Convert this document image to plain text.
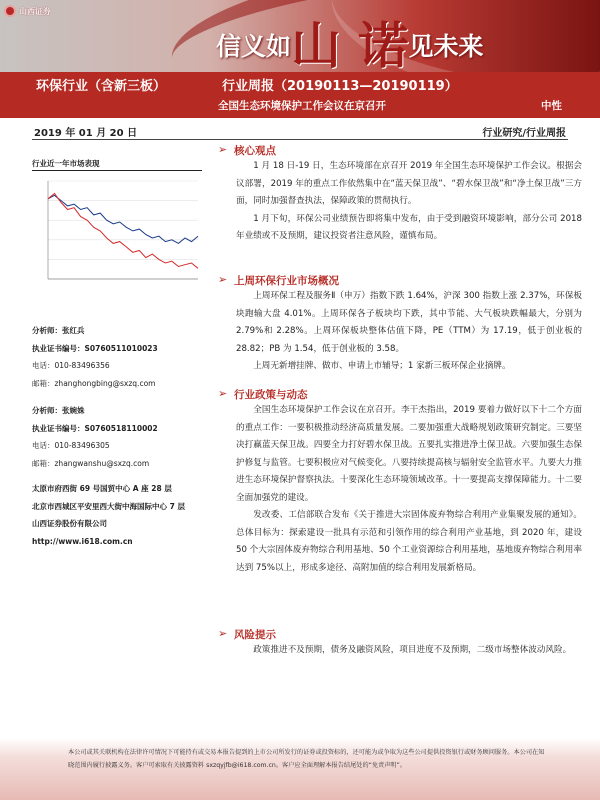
山西证券
信义如山 诺见未来
环保行业（含新三板）	行业周报（20190113—20190119）
全国生态环境保护工作会议在京召开	中性
2019 年 01 月 20 日	行业研究/行业周报
行业近一年市场表现
分析师：张红兵
执业证书编号：S0760511010023
电话：010-83496356
邮箱：zhanghongbing@sxzq.com
分析师：张婉姝
执业证书编号：S0760518110002
电话：010-83496305
邮箱：zhangwanshu@sxzq.com
太原市府西街 69 号国贸中心 A 座 28 层
北京市西城区平安里西大街中海国际中心 7 层
山西证券股份有限公司
http://www.i618.com.cn
➢ 核心观点

1 月 18 日-19 日，生态环境部在京召开 2019 年全国生态环境保护工作会议。根据会议部署，2019 年的重点工作依然集中在“蓝天保卫战”、“碧水保卫战”和“净土保卫战”三方面，同时加强督查执法，保障政策的贯彻执行。

1 月下旬，环保公司业绩预告即将集中发布，由于受到融资环境影响，部分公司 2018 年业绩或不及预期，建议投资者注意风险，谨慎布局。

➢ 上周环保行业市场概况

上周环保工程及服务Ⅱ（申万）指数下跌 1.64%，沪深 300 指数上涨 2.37%，环保板块跑输大盘 4.01%。上周环保各子板块均下跌，其中节能、大气板块跌幅最大，分别为 2.79%和 2.28%。上周环保板块整体估值下降，PE（TTM）为 17.19，低于创业板的 28.82；PB 为 1.54，低于创业板的 3.58。

上周无新增挂牌、做市、申请上市辅导；1 家新三板环保企业摘牌。

➢ 行业政策与动态

全国生态环境保护工作会议在京召开。李干杰指出，2019 要着力做好以下十二个方面的重点工作：一要积极推动经济高质量发展。二要加强重大战略规划政策研究制定。三要坚决打赢蓝天保卫战。四要全力打好碧水保卫战。五要扎实推进净土保卫战。六要加强生态保护修复与监管。七要积极应对气候变化。八要持续提高核与辐射安全监管水平。九要大力推进生态环境保护督察执法。十要深化生态环境领域改革。十一要提高支撑保障能力。十二要全面加强党的建设。

发改委、工信部联合发布《关于推进大宗固体废弃物综合利用产业集聚发展的通知》。总体目标为：探索建设一批具有示范和引领作用的综合利用产业基地，到 2020 年，建设 50 个大宗固体废弃物综合利用基地、50 个工业资源综合利用基地，基地废弃物综合利用率达到 75%以上，形成多途径、高附加值的综合利用发展新格局。

➢ 风险提示

政策推进不及预期，债务及融资风险，项目进度不及预期，二级市场整体波动风险。

本公司或其关联机构在法律许可情况下可能持有或交易本报告提到的上市公司所发行的证券或投资标的，还可能为或争取为这些公司提供投资银行或财务顾问服务。本公司在知晓范围内履行披露义务。客户可索取有关披露资料 sxzqyjfb@i618.com.cn。客户应全面理解本报告结尾处的“免责声明”。
